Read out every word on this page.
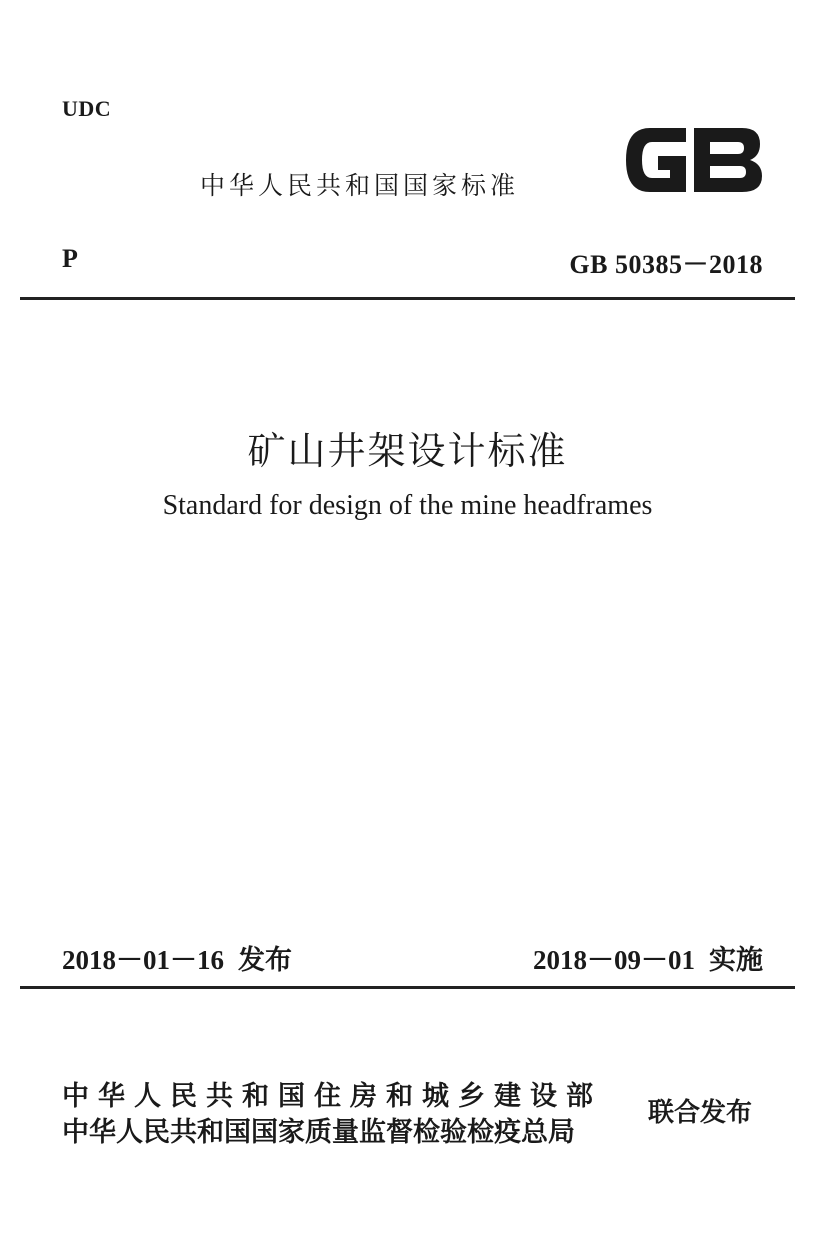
UDC
中华人民共和国国家标准
P	GB 50385－2018
矿山井架设计标准
Standard for design of the mine headframes
2018－01－16 发布	2018－09－01 实施
中华人民共和国住房和城乡建设部
中华人民共和国国家质量监督检验检疫总局
联合发布
